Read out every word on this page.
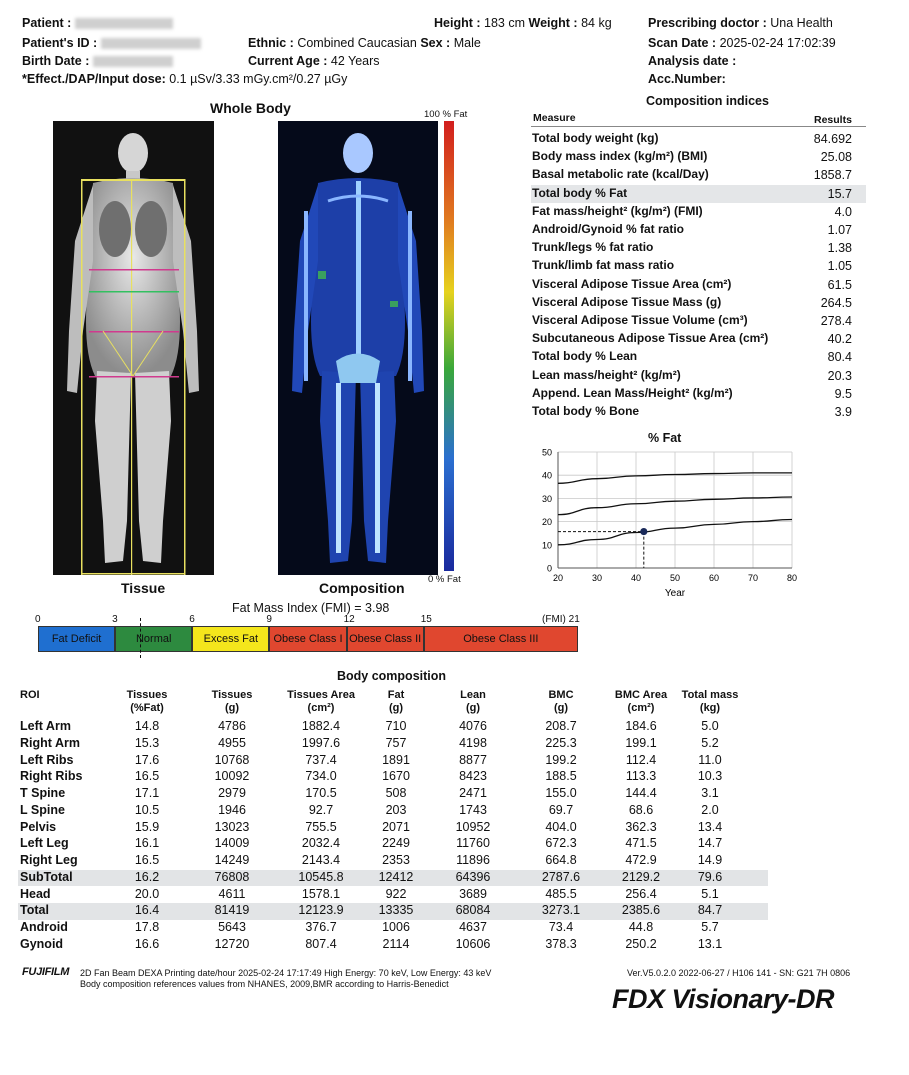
Patient :
Patient's ID :
Birth Date :
*Effect./DAP/Input dose: 0.1 µSv/3.33 mGy.cm²/0.27 µGy
Ethnic : Combined Caucasian Sex : Male
Current Age : 42 Years
Height : 183 cm Weight : 84 kg	Prescribing doctor : Una Health
Scan Date : 2025-02-24 17:02:39
Analysis date :
Acc.Number:
Whole Body	100 % Fat
0 % Fat
Tissue	Composition
Composition indices
Measure	Results
Total body weight (kg)	84.692
Body mass index (kg/m²) (BMI)	25.08
Basal metabolic rate (kcal/Day)	1858.7
Total body % Fat	15.7
Fat mass/height² (kg/m²) (FMI)	4.0
Android/Gynoid % fat ratio	1.07
Trunk/legs % fat ratio	1.38
Trunk/limb fat mass ratio	1.05
Visceral Adipose Tissue Area (cm²)	61.5
Visceral Adipose Tissue Mass (g)	264.5
Visceral Adipose Tissue Volume (cm³)	278.4
Subcutaneous Adipose Tissue Area (cm²)	40.2
Total body % Lean	80.4
Lean mass/height² (kg/m²)	20.3
Append. Lean Mass/Height² (kg/m²)	9.5
Total body % Bone	3.9
% Fat
0
10
20
30
40
50
20	30	40	50	60	70	80
Year
Fat Mass Index (FMI) = 3.98
Fat Deficit	Normal	Excess Fat	Obese Class I Obese Class II	Obese Class III
0	3	6	9	12	15	(FMI) 21
Body composition
ROI	Tissues
(%Fat)
Tissues
(g)
Tissues Area
(cm²)
Fat
(g)
Lean
(g)
BMC
(g)
BMC Area
(cm²)
Total mass
(kg)
Left Arm	14.8	4786	1882.4	710	4076	208.7	184.6	5.0
Right Arm	15.3	4955	1997.6	757	4198	225.3	199.1	5.2
Left Ribs	17.6	10768	737.4	1891	8877	199.2	112.4	11.0
Right Ribs	16.5	10092	734.0	1670	8423	188.5	113.3	10.3
T Spine	17.1	2979	170.5	508	2471	155.0	144.4	3.1
L Spine	10.5	1946	92.7	203	1743	69.7	68.6	2.0
Pelvis	15.9	13023	755.5	2071	10952	404.0	362.3	13.4
Left Leg	16.1	14009	2032.4	2249	11760	672.3	471.5	14.7
Right Leg	16.5	14249	2143.4	2353	11896	664.8	472.9	14.9
SubTotal	16.2	76808	10545.8	12412	64396	2787.6	2129.2	79.6
Head	20.0	4611	1578.1	922	3689	485.5	256.4	5.1
Total	16.4	81419	12123.9	13335	68084	3273.1	2385.6	84.7
Android	17.8	5643	376.7	1006	4637	73.4	44.8	5.7
Gynoid	16.6	12720	807.4	2114	10606	378.3	250.2	13.1
FUJIFILM 2D Fan Beam DEXA Printing date/hour 2025-02-24 17:17:49 High Energy: 70 keV, Low Energy: 43 keV
Body composition references values from NHANES, 2009,BMR according to Harris-Benedict
Ver.V5.0.2.0 2022-06-27 / H106 141 - SN: G21 7H 0806
FDX Visionary-DR
